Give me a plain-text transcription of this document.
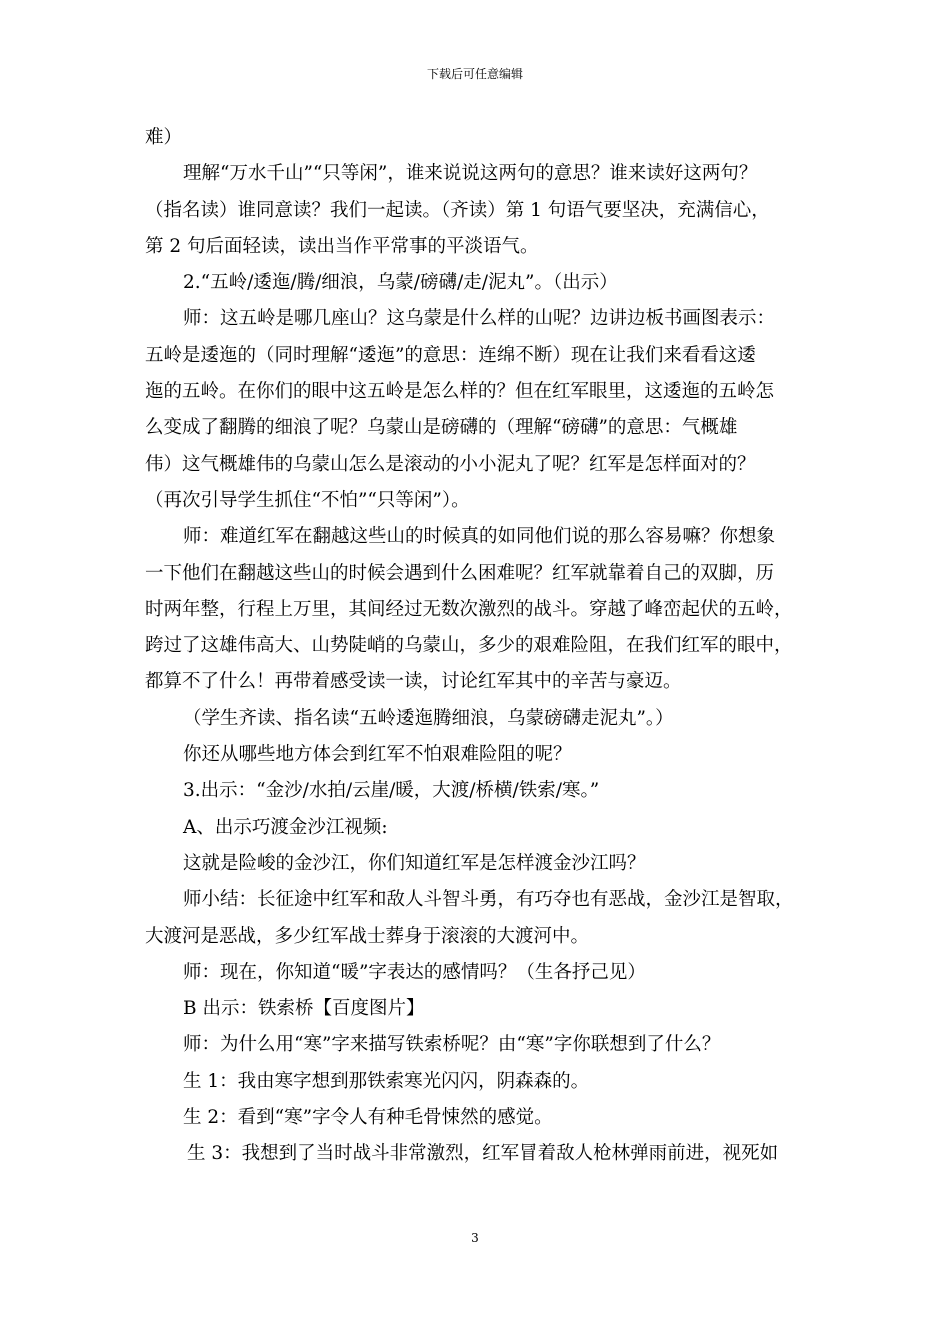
下载后可任意编辑

难）

理解“万水千山”“只等闲”，谁来说说这两句的意思？谁来读好这两句？

（指名读）谁同意读？我们一起读。（齐读）第 1 句语气要坚决，充满信心，

第 2 句后面轻读，读出当作平常事的平淡语气。

2.“五岭/逶迤/腾/细浪，乌蒙/磅礴/走/泥丸”。（出示）

师：这五岭是哪几座山？这乌蒙是什么样的山呢？边讲边板书画图表示：

五岭是逶迤的（同时理解“逶迤”的意思：连绵不断）现在让我们来看看这逶

迤的五岭。在你们的眼中这五岭是怎么样的？但在红军眼里，这逶迤的五岭怎

么变成了翻腾的细浪了呢？乌蒙山是磅礴的（理解“磅礴”的意思：气概雄

伟）这气概雄伟的乌蒙山怎么是滚动的小小泥丸了呢？红军是怎样面对的？

（再次引导学生抓住“不怕”“只等闲”）。

师：难道红军在翻越这些山的时候真的如同他们说的那么容易嘛？你想象

一下他们在翻越这些山的时候会遇到什么困难呢？红军就靠着自己的双脚，历

时两年整，行程上万里，其间经过无数次激烈的战斗。穿越了峰峦起伏的五岭，

跨过了这雄伟高大、山势陡峭的乌蒙山，多少的艰难险阻，在我们红军的眼中，

都算不了什么！再带着感受读一读，讨论红军其中的辛苦与豪迈。

（学生齐读、指名读“五岭逶迤腾细浪，乌蒙磅礴走泥丸”。）

你还从哪些地方体会到红军不怕艰难险阻的呢？

3.出示：“金沙/水拍/云崖/暖，大渡/桥横/铁索/寒。”

A、出示巧渡金沙江视频:

这就是险峻的金沙江，你们知道红军是怎样渡金沙江吗？

师小结：长征途中红军和敌人斗智斗勇，有巧夺也有恶战，金沙江是智取，

大渡河是恶战，多少红军战士葬身于滚滚的大渡河中。

师：现在，你知道“暖”字表达的感情吗？（生各抒己见）

B 出示：铁索桥【百度图片】

师：为什么用“寒”字来描写铁索桥呢？由“寒”字你联想到了什么？

生 1：我由寒字想到那铁索寒光闪闪，阴森森的。

生 2：看到“寒”字令人有种毛骨悚然的感觉。

生 3：我想到了当时战斗非常激烈，红军冒着敌人枪林弹雨前进，视死如

3
